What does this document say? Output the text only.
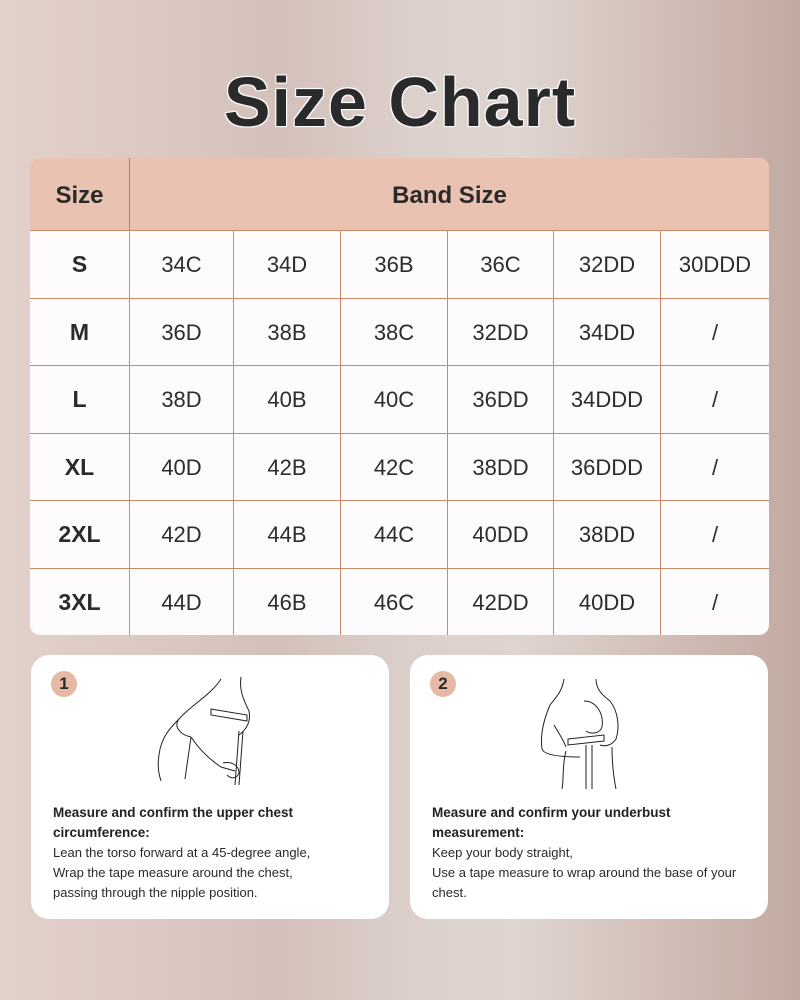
Size Chart
Size	Band Size
S	34C	34D	36B	36C	32DD	30DDD
M	36D	38B	38C	32DD	34DD	/
L	38D	40B	40C	36DD	34DDD	/
XL	40D	42B	42C	38DD	36DDD	/
2XL	42D	44B	44C	40DD	38DD	/
3XL	44D	46B	46C	42DD	40DD	/
1
Measure and confirm the upper chest circumference:
Lean the torso forward at a 45-degree angle,
Wrap the tape measure around the chest,
passing through the nipple position.
2
Measure and confirm your underbust measurement:
Keep your body straight,
Use a tape measure to wrap around the base of your
chest.
